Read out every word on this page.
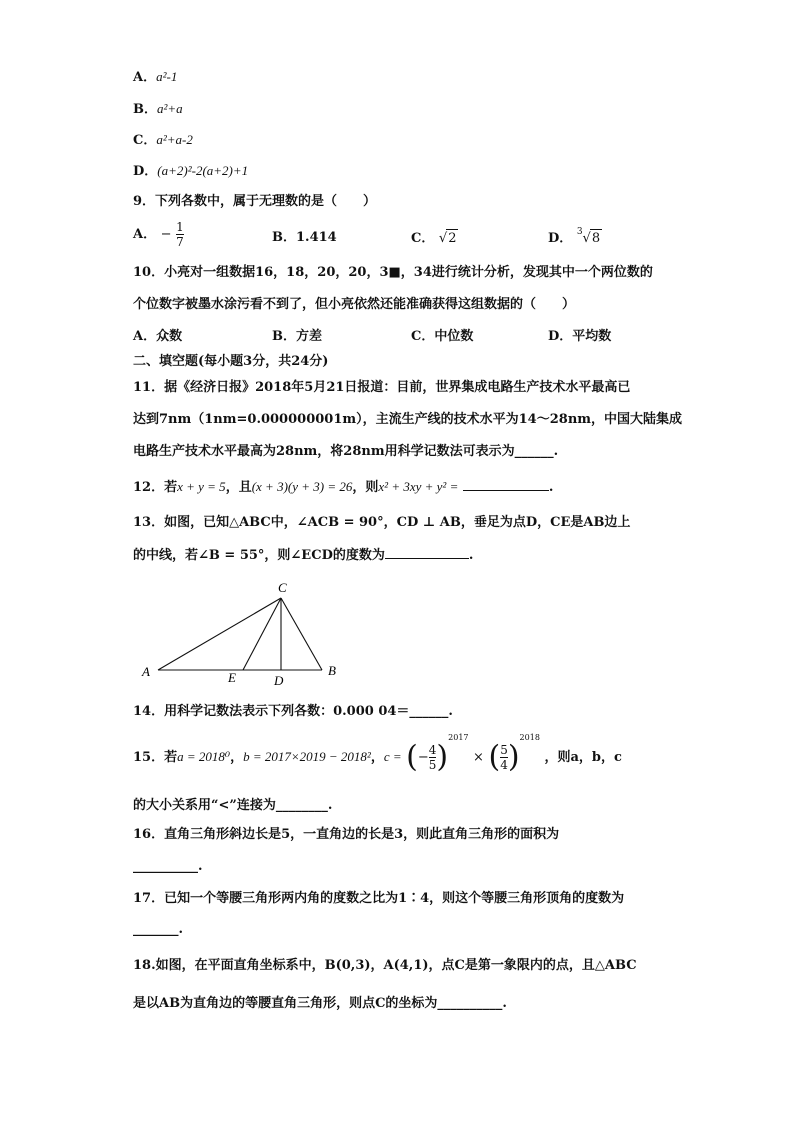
A．a²-1
B．a²+a
C．a²+a-2
D．(a+2)²-2(a+2)+1
9．下列各数中，属于无理数的是（　　）
A． − $\frac{1}{7}$	B．1.414	C． √2	D． $^3$√8
10．小亮对一组数据16，18，20，20，3■，34进行统计分析，发现其中一个两位数的
个位数字被墨水涂污看不到了，但小亮依然还能准确获得这组数据的（　　）
A．众数	B．方差	C．中位数	D．平均数
二、填空题(每小题3分，共24分)
11．据《经济日报》2018年5月21日报道：目前，世界集成电路生产技术水平最高已
达到7nm（1nm=0.000000001m），主流生产线的技术水平为14～28nm，中国大陆集成
电路生产技术水平最高为28nm，将28nm用科学记数法可表示为______.
12．若x + y = 5，且(x + 3)(y + 3) = 26，则x² + 3xy + y² =	.
13．如图，已知△ABC中，∠ACB = 90°，CD ⊥ AB，垂足为点D，CE是AB边上
的中线，若∠B = 55°，则∠ECD的度数为	.
C
A	B
E	D
14．用科学记数法表示下列各数：0.000 04＝______.
15．若a = 2018⁰，b = 2017×2019 − 2018²，c = (− $\frac{4}{5} )^{2017}$ × ( $\frac{5}{4} )^{2018}$ ，则a，b，c
的大小关系用“<”连接为________.
16．直角三角形斜边长是5，一直角边的长是3，则此直角三角形的面积为
__________.
17．已知一个等腰三角形两内角的度数之比为1∶4，则这个等腰三角形顶角的度数为
_______.
18.如图，在平面直角坐标系中，B(0,3)，A(4,1)，点C是第一象限内的点，且△ABC
是以AB为直角边的等腰直角三角形，则点C的坐标为__________.
